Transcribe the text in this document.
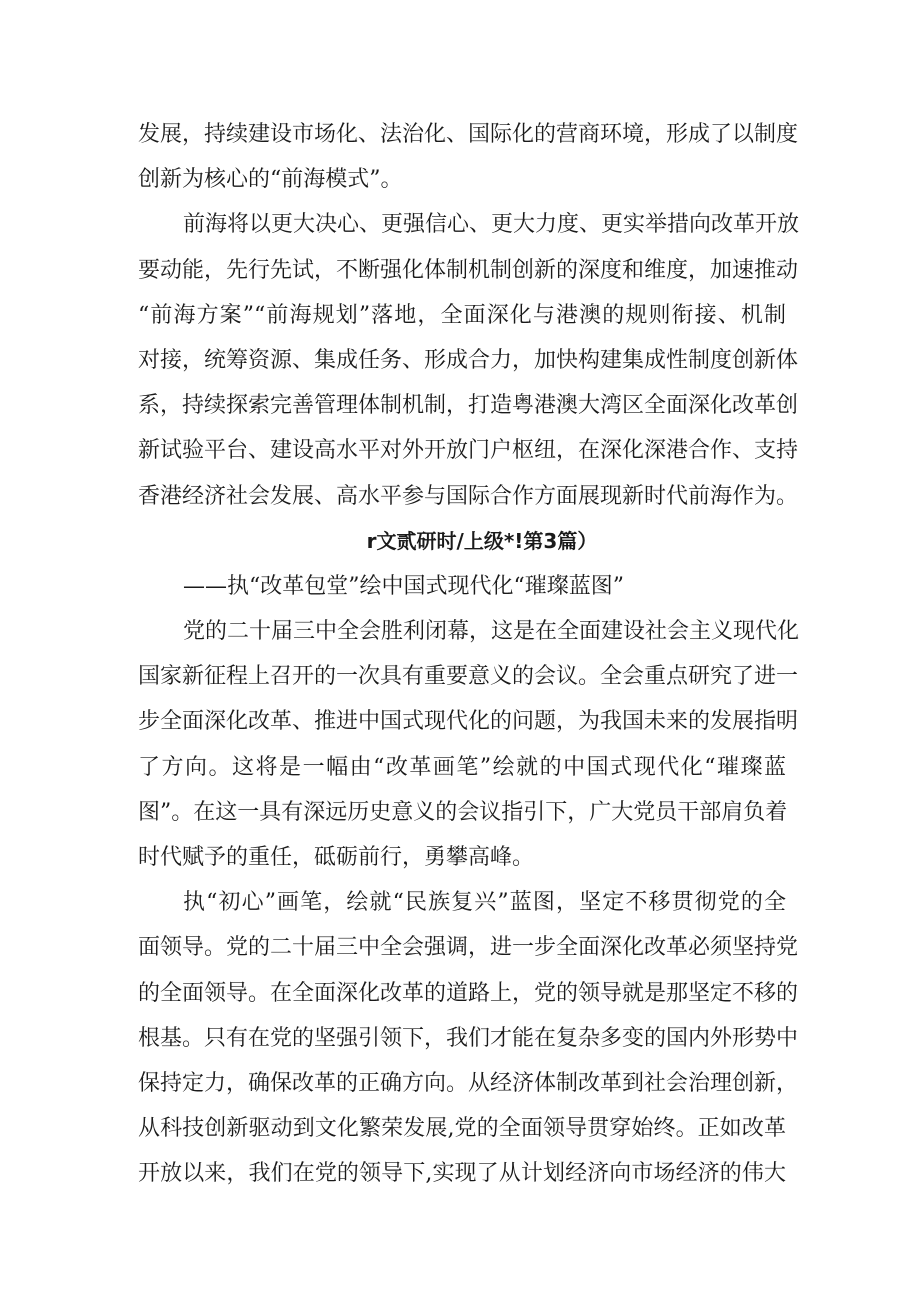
发展，持续建设市场化、法治化、国际化的营商环境，形成了以制度
创新为核心的“前海模式”。

前海将以更大决心、更强信心、更大力度、更实举措向改革开放
要动能，先行先试，不断强化体制机制创新的深度和维度，加速推动
“前海方案”“前海规划”落地，全面深化与港澳的规则衔接、机制
对接，统筹资源、集成任务、形成合力，加快构建集成性制度创新体
系，持续探索完善管理体制机制，打造粤港澳大湾区全面深化改革创
新试验平台、建设高水平对外开放门户枢纽，在深化深港合作、支持
香港经济社会发展、高水平参与国际合作方面展现新时代前海作为。

r文贰研时/上级*!第3篇）

——执“改革包堂”绘中国式现代化“璀璨蓝图”

党的二十届三中全会胜利闭幕，这是在全面建设社会主义现代化
国家新征程上召开的一次具有重要意义的会议。全会重点研究了进一
步全面深化改革、推进中国式现代化的问题，为我国未来的发展指明
了方向。这将是一幅由“改革画笔”绘就的中国式现代化“璀璨蓝
图”。在这一具有深远历史意义的会议指引下，广大党员干部肩负着
时代赋予的重任，砥砺前行，勇攀高峰。

执“初心”画笔，绘就“民族复兴”蓝图，坚定不移贯彻党的全
面领导。党的二十届三中全会强调，进一步全面深化改革必须坚持党
的全面领导。在全面深化改革的道路上，党的领导就是那坚定不移的
根基。只有在党的坚强引领下，我们才能在复杂多变的国内外形势中
保持定力，确保改革的正确方向。从经济体制改革到社会治理创新，
从科技创新驱动到文化繁荣发展,党的全面领导贯穿始终。正如改革
开放以来，我们在党的领导下,实现了从计划经济向市场经济的伟大
